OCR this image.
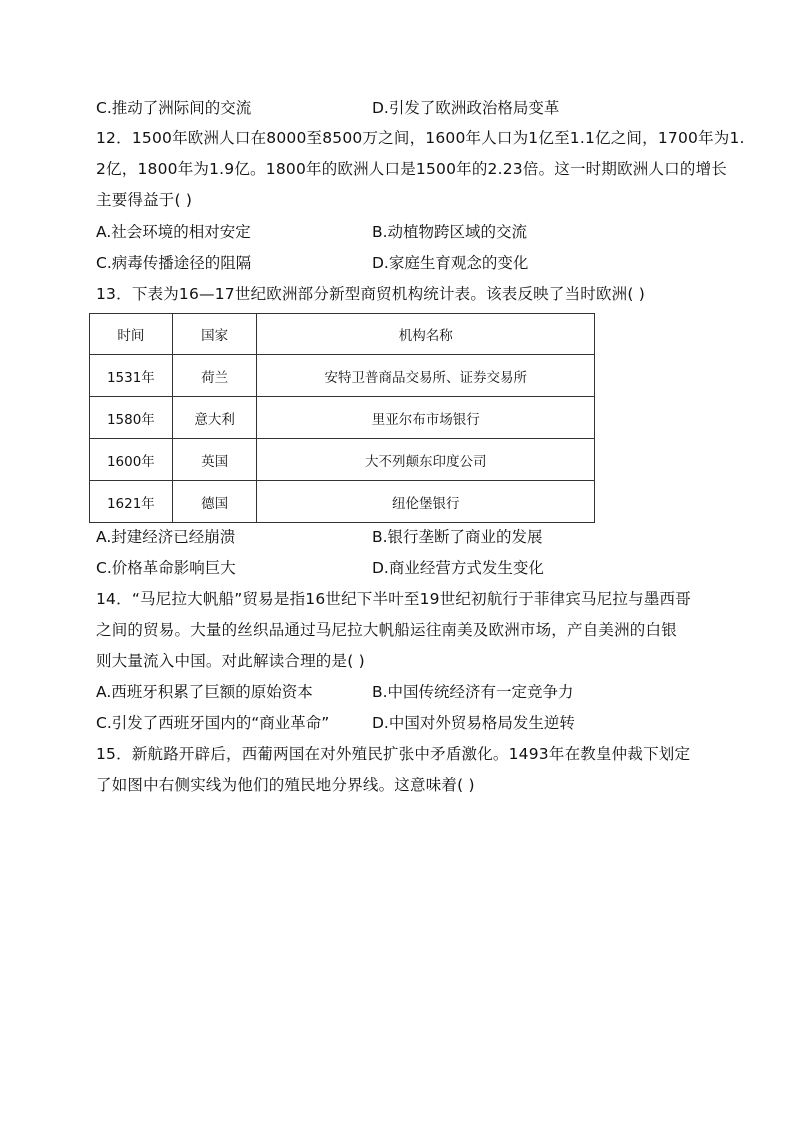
C.推动了洲际间的交流	D.引发了欧洲政治格局变革
12．1500年欧洲人口在8000至8500万之间，1600年人口为1亿至1.1亿之间，1700年为1.
2亿，1800年为1.9亿。1800年的欧洲人口是1500年的2.23倍。这一时期欧洲人口的增长
主要得益于( )
A.社会环境的相对安定	B.动植物跨区域的交流
C.病毒传播途径的阻隔	D.家庭生育观念的变化
13．下表为16—17世纪欧洲部分新型商贸机构统计表。该表反映了当时欧洲( )
时间	国家	机构名称
1531年	荷兰	安特卫普商品交易所、证券交易所
1580年	意大利	里亚尔布市场银行
1600年	英国	大不列颠东印度公司
1621年	德国	纽伦堡银行
A.封建经济已经崩溃	B.银行垄断了商业的发展
C.价格革命影响巨大	D.商业经营方式发生变化
14．“马尼拉大帆船”贸易是指16世纪下半叶至19世纪初航行于菲律宾马尼拉与墨西哥
之间的贸易。大量的丝织品通过马尼拉大帆船运往南美及欧洲市场，产自美洲的白银
则大量流入中国。对此解读合理的是( )
A.西班牙积累了巨额的原始资本	B.中国传统经济有一定竞争力
C.引发了西班牙国内的“商业革命”	D.中国对外贸易格局发生逆转
15．新航路开辟后，西葡两国在对外殖民扩张中矛盾激化。1493年在教皇仲裁下划定
了如图中右侧实线为他们的殖民地分界线。这意味着( )
